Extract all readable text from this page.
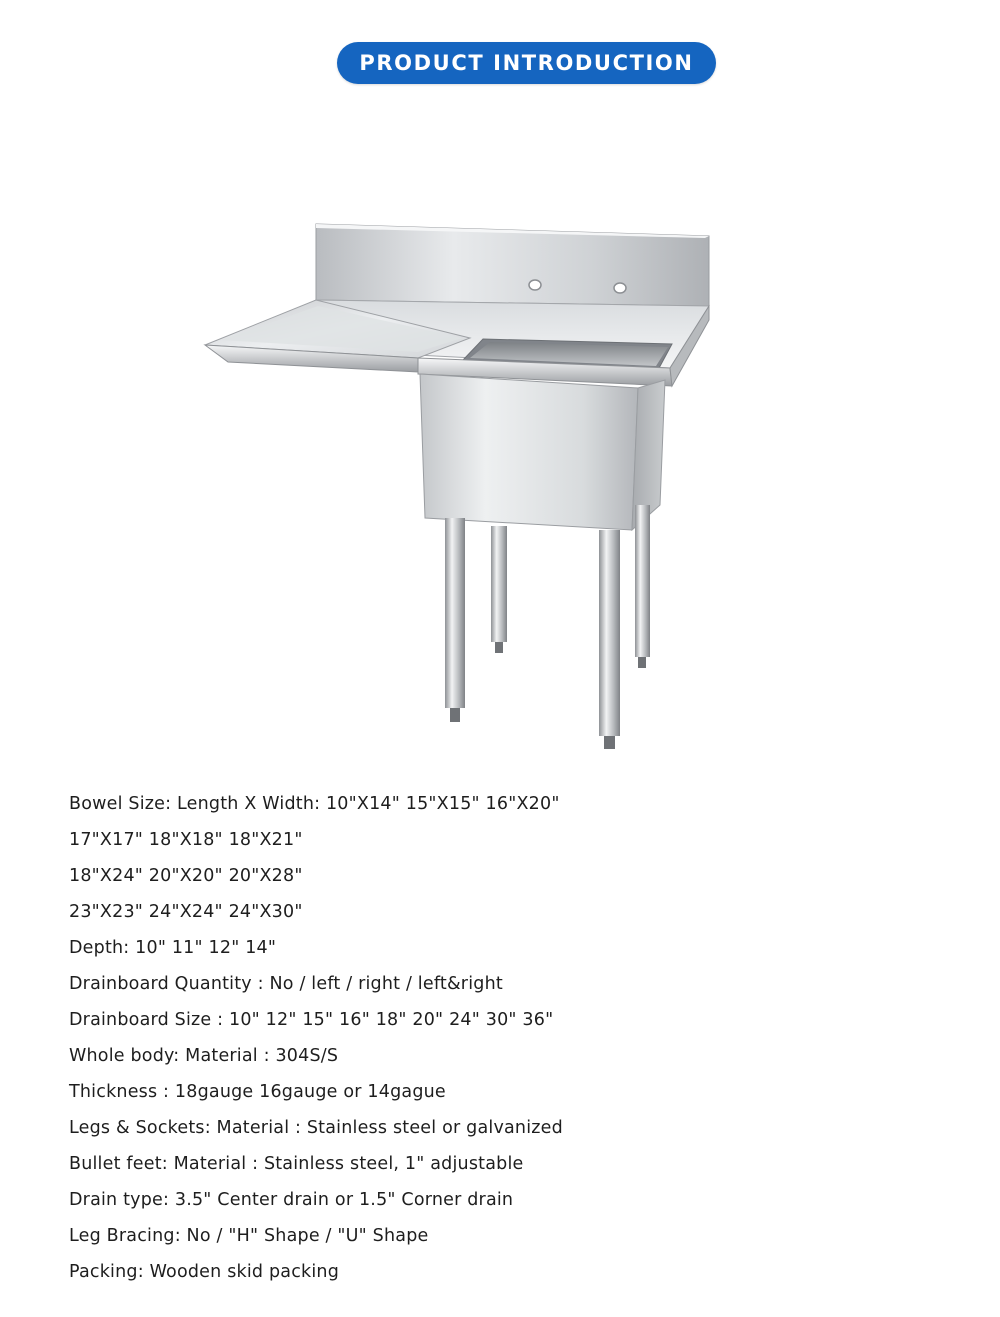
PRODUCT INTRODUCTION
Bowel Size: Length X Width: 10"X14" 15"X15" 16"X20"
17"X17" 18"X18" 18"X21"
18"X24" 20"X20" 20"X28"
23"X23" 24"X24" 24"X30"
Depth: 10" 11" 12" 14"
Drainboard Quantity : No / left / right / left&right
Drainboard Size : 10" 12" 15" 16" 18" 20" 24" 30" 36"
Whole body: Material : 304S/S
Thickness : 18gauge 16gauge or 14gague
Legs & Sockets: Material : Stainless steel or galvanized
Bullet feet: Material : Stainless steel, 1" adjustable
Drain type: 3.5" Center drain or 1.5" Corner drain
Leg Bracing: No / "H" Shape / "U" Shape
Packing: Wooden skid packing
